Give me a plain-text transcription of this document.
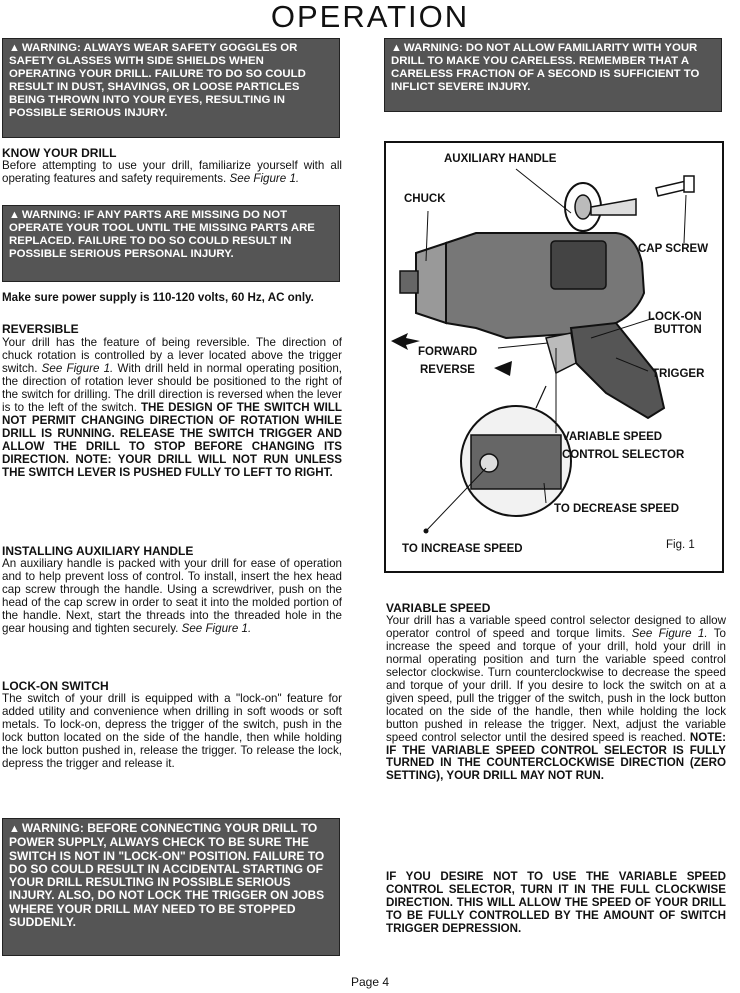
OPERATION
▲ WARNING: ALWAYS WEAR SAFETY GOGGLES OR SAFETY GLASSES WITH SIDE SHIELDS WHEN OPERATING YOUR DRILL. FAILURE TO DO SO COULD RESULT IN DUST, SHAVINGS, OR LOOSE PARTICLES BEING THROWN INTO YOUR EYES, RESULTING IN POSSIBLE SERIOUS INJURY.
▲ WARNING: DO NOT ALLOW FAMILIARITY WITH YOUR DRILL TO MAKE YOU CARELESS. REMEMBER THAT A CARELESS FRACTION OF A SECOND IS SUFFICIENT TO INFLICT SEVERE INJURY.
KNOW YOUR DRILL
Before attempting to use your drill, familiarize yourself with all operating features and safety requirements. See Figure 1.
▲ WARNING: IF ANY PARTS ARE MISSING DO NOT OPERATE YOUR TOOL UNTIL THE MISSING PARTS ARE REPLACED. FAILURE TO DO SO COULD RESULT IN POSSIBLE SERIOUS PERSONAL INJURY.
Make sure power supply is 110-120 volts, 60 Hz, AC only.
REVERSIBLE
Your drill has the feature of being reversible. The direction of chuck rotation is controlled by a lever located above the trigger switch. See Figure 1. With drill held in normal operating position, the direction of rotation lever should be positioned to the right of the switch for drilling. The drill direction is reversed when the lever is to the left of the switch. THE DESIGN OF THE SWITCH WILL NOT PERMIT CHANGING DIRECTION OF ROTATION WHILE DRILL IS RUNNING. RELEASE THE SWITCH TRIGGER AND ALLOW THE DRILL TO STOP BEFORE CHANGING ITS DIRECTION. NOTE: YOUR DRILL WILL NOT RUN UNLESS THE SWITCH LEVER IS PUSHED FULLY TO LEFT TO RIGHT.
INSTALLING AUXILIARY HANDLE
An auxiliary handle is packed with your drill for ease of operation and to help prevent loss of control. To install, insert the hex head cap screw through the handle. Using a screwdriver, push on the head of the cap screw in order to seat it into the molded portion of the handle. Next, start the threads into the threaded hole in the gear housing and tighten securely. See Figure 1.
LOCK-ON SWITCH
The switch of your drill is equipped with a "lock-on" feature for added utility and convenience when drilling in soft woods or soft metals. To lock-on, depress the trigger of the switch, push in the lock button located on the side of the handle, then while holding the lock button pushed in, release the trigger. To release the lock, depress the trigger and release it.
▲ WARNING: BEFORE CONNECTING YOUR DRILL TO POWER SUPPLY, ALWAYS CHECK TO BE SURE THE SWITCH IS NOT IN "LOCK-ON" POSITION. FAILURE TO DO SO COULD RESULT IN ACCIDENTAL STARTING OF YOUR DRILL RESULTING IN POSSIBLE SERIOUS INJURY. ALSO, DO NOT LOCK THE TRIGGER ON JOBS WHERE YOUR DRILL MAY NEED TO BE STOPPED SUDDENLY.
AUXILIARY HANDLE
CHUCK
CAP SCREW
LOCK-ON
BUTTON
FORWARD
REVERSE	TRIGGER
VARIABLE SPEED
CONTROL SELECTOR
TO DECREASE SPEED
TO INCREASE SPEED	Fig. 1
VARIABLE SPEED
Your drill has a variable speed control selector designed to allow operator control of speed and torque limits. See Figure 1. To increase the speed and torque of your drill, hold your drill in normal operating position and turn the variable speed control selector clockwise. Turn counterclockwise to decrease the speed and torque of your drill. If you desire to lock the switch on at a given speed, pull the trigger of the switch, push in the lock button located on the side of the handle, then while holding the lock button pushed in release the trigger. Next, adjust the variable speed control selector until the desired speed is reached. NOTE: IF THE VARIABLE SPEED CONTROL SELECTOR IS FULLY TURNED IN THE COUNTERCLOCKWISE DIRECTION (ZERO SETTING), YOUR DRILL MAY NOT RUN.
IF YOU DESIRE NOT TO USE THE VARIABLE SPEED CONTROL SELECTOR, TURN IT IN THE FULL CLOCKWISE DIRECTION. THIS WILL ALLOW THE SPEED OF YOUR DRILL TO BE FULLY CONTROLLED BY THE AMOUNT OF SWITCH TRIGGER DEPRESSION.
Page 4
